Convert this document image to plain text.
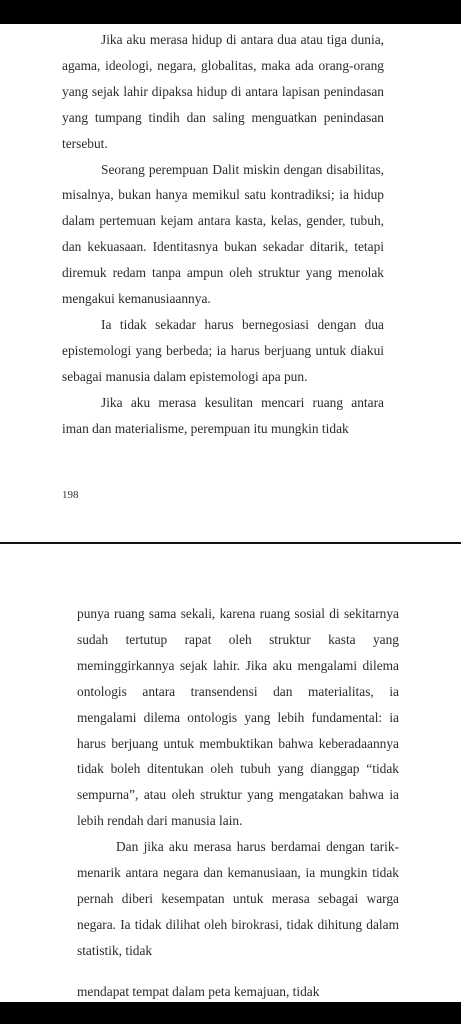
Jika aku merasa hidup di antara dua atau tiga dunia, agama, ideologi, negara, globalitas, maka ada orang-orang yang sejak lahir dipaksa hidup di antara lapisan penindasan yang tumpang tindih dan saling menguatkan penindasan tersebut.

Seorang perempuan Dalit miskin dengan disabilitas, misalnya, bukan hanya memikul satu kontradiksi; ia hidup dalam pertemuan kejam antara kasta, kelas, gender, tubuh, dan kekuasaan. Identitasnya bukan sekadar ditarik, tetapi diremuk redam tanpa ampun oleh struktur yang menolak mengakui kemanusiaannya.

Ia tidak sekadar harus bernegosiasi dengan dua epistemologi yang berbeda; ia harus berjuang untuk diakui sebagai manusia dalam epistemologi apa pun.

Jika aku merasa kesulitan mencari ruang antara iman dan materialisme, perempuan itu mungkin tidak

198

punya ruang sama sekali, karena ruang sosial di sekitarnya sudah tertutup rapat oleh struktur kasta yang meminggirkannya sejak lahir. Jika aku mengalami dilema ontologis antara transendensi dan materialitas, ia mengalami dilema ontologis yang lebih fundamental: ia harus berjuang untuk membuktikan bahwa keberadaannya tidak boleh ditentukan oleh tubuh yang dianggap “tidak sempurna”, atau oleh struktur yang mengatakan bahwa ia lebih rendah dari manusia lain.

Dan jika aku merasa harus berdamai dengan tarik-menarik antara negara dan kemanusiaan, ia mungkin tidak pernah diberi kesempatan untuk merasa sebagai warga negara. Ia tidak dilihat oleh birokrasi, tidak dihitung dalam statistik, tidak

mendapat tempat dalam peta kemajuan, tidak
